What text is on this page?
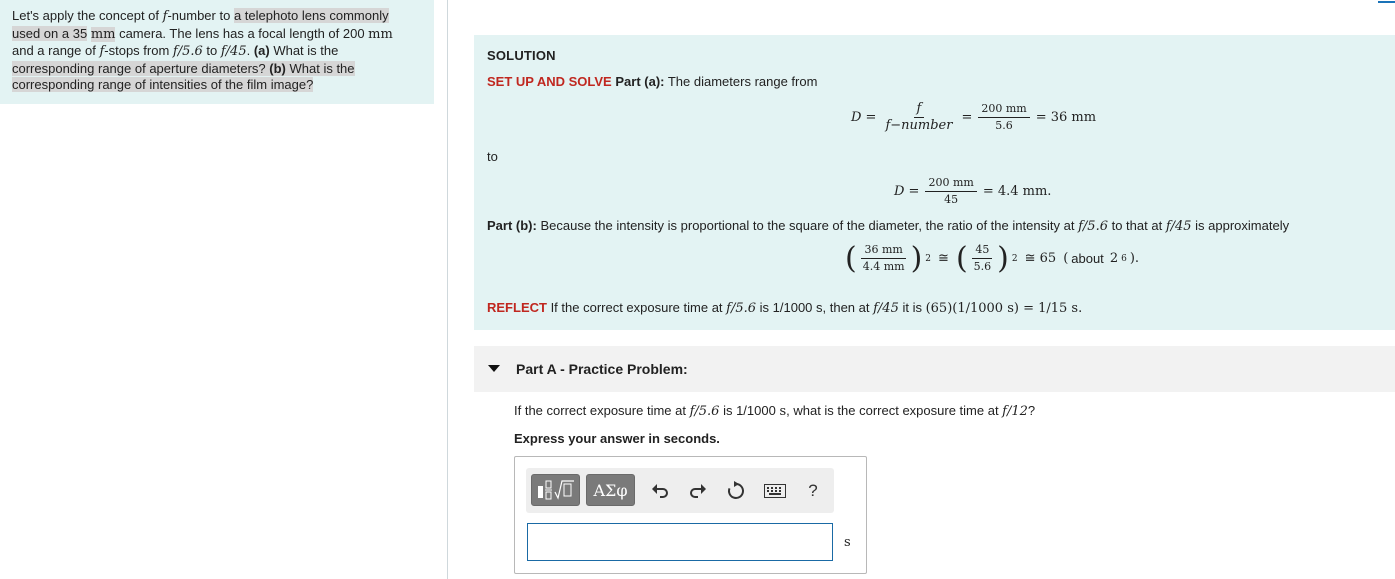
Let's apply the concept of f-number to a telephoto lens commonly
used on a 35 mm camera. The lens has a focal length of 200 mm
and a range of f-stops from f/5.6 to f/45. (a) What is the
corresponding range of aperture diameters? (b) What is the
corresponding range of intensities of the film image?
SOLUTION
SET UP AND SOLVE Part (a): The diameters range from
$D = \frac{f}{\text{f−number}} = \frac{200 mm}{5.6} = 36$ mm
to
$D = \frac{200 mm}{45} = 4.4$ mm.
Part (b): Because the intensity is proportional to the square of the diameter, the ratio of the intensity at f/5.6 to that at f/45 is approximately
( $\frac{36 mm}{4.4 mm}$ ) 2 ≅ ( $\frac{45}{5.6}$ ) 2 ≅ 65 ( about 2 6 ).
REFLECT If the correct exposure time at f/5.6 is 1/1000 s, then at f/45 it is (65)(1/1000 s) = 1/15 s.
Part A - Practice Problem:
If the correct exposure time at f/5.6 is 1/1000 s, what is the correct exposure time at f/12?
Express your answer in seconds.
ΑΣφ	?
s
